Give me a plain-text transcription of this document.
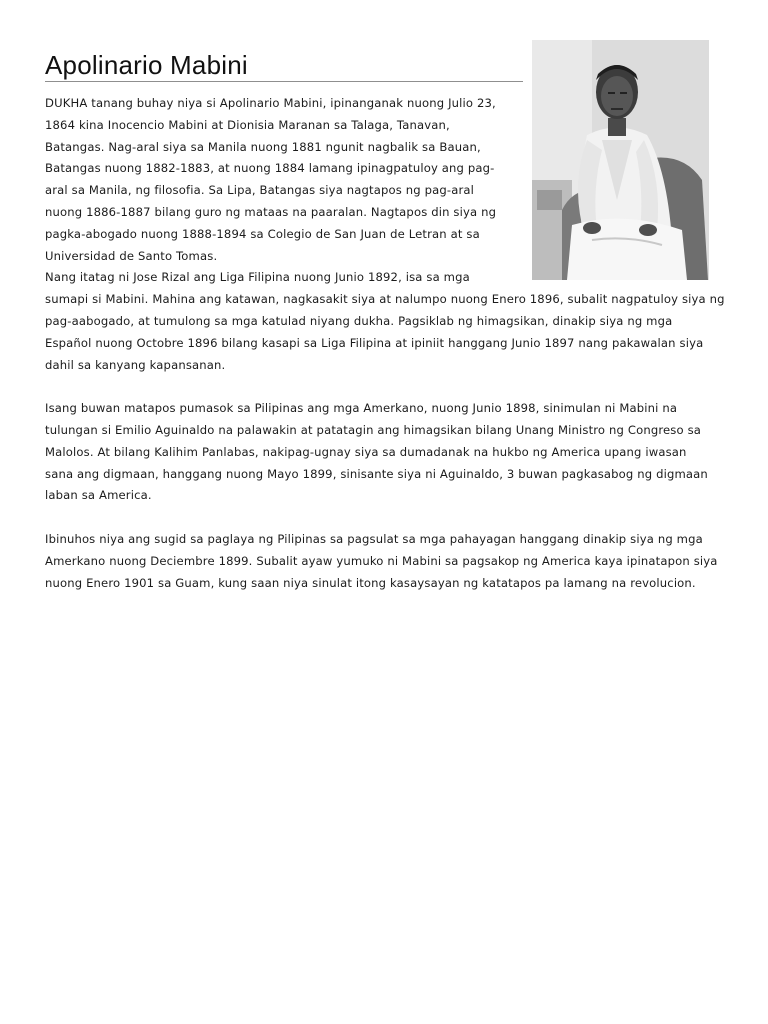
Apolinario Mabini

DUKHA tanang buhay niya si Apolinario Mabini, ipinanganak nuong Julio 23,

1864 kina Inocencio Mabini at Dionisia Maranan sa Talaga, Tanavan,

Batangas. Nag-aral siya sa Manila nuong 1881 ngunit nagbalik sa Bauan,

Batangas nuong 1882-1883, at nuong 1884 lamang ipinagpatuloy ang pag-

aral sa Manila, ng filosofia. Sa Lipa, Batangas siya nagtapos ng pag-aral

nuong 1886-1887 bilang guro ng mataas na paaralan. Nagtapos din siya ng

pagka-abogado nuong 1888-1894 sa Colegio de San Juan de Letran at sa

Universidad de Santo Tomas.

Nang itatag ni Jose Rizal ang Liga Filipina nuong Junio 1892, isa sa mga

sumapi si Mabini. Mahina ang katawan, nagkasakit siya at nalumpo nuong Enero 1896, subalit nagpatuloy siya ng

pag-aabogado, at tumulong sa mga katulad niyang dukha. Pagsiklab ng himagsikan, dinakip siya ng mga

Español nuong Octobre 1896 bilang kasapi sa Liga Filipina at ipiniit hanggang Junio 1897 nang pakawalan siya

dahil sa kanyang kapansanan.

Isang buwan matapos pumasok sa Pilipinas ang mga Amerkano, nuong Junio 1898, sinimulan ni Mabini na

tulungan si Emilio Aguinaldo na palawakin at patatagin ang himagsikan bilang Unang Ministro ng Congreso sa

Malolos. At bilang Kalihim Panlabas, nakipag-ugnay siya sa dumadanak na hukbo ng America upang iwasan

sana ang digmaan, hanggang nuong Mayo 1899, sinisante siya ni Aguinaldo, 3 buwan pagkasabog ng digmaan

laban sa America.

Ibinuhos niya ang sugid sa paglaya ng Pilipinas sa pagsulat sa mga pahayagan hanggang dinakip siya ng mga

Amerkano nuong Deciembre 1899. Subalit ayaw yumuko ni Mabini sa pagsakop ng America kaya ipinatapon siya

nuong Enero 1901 sa Guam, kung saan niya sinulat itong kasaysayan ng katatapos pa lamang na revolucion.
